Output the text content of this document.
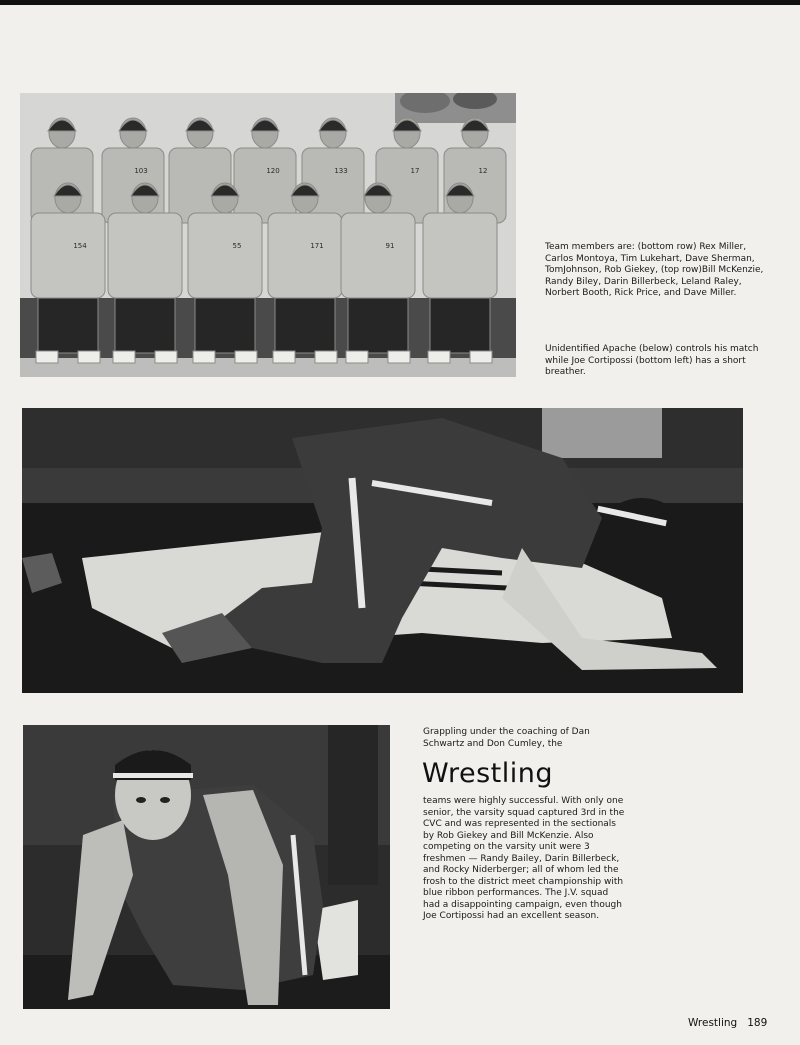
103	120	133	17	12
154	55	171	91	Team members are: (bottom row) Rex Miller, Carlos Montoya, Tim Lukehart, Dave Sherman, TomJohnson, Rob Giekey, (top row)Bill McKenzie, Randy Biley, Darin Billerbeck, Leland Raley, Norbert Booth, Rick Price, and Dave Miller.
Unidentified Apache (below) controls his match while Joe Cortipossi (bottom left) has a short breather.
Grappling under the coaching of Dan Schwartz and Don Cumley, the
Wrestling
teams were highly successful. With only one senior, the varsity squad captured 3rd in the CVC and was represented in the sectionals by Rob Giekey and Bill McKenzie. Also competing on the varsity unit were 3 freshmen — Randy Bailey, Darin Billerbeck, and Rocky Niderberger; all of whom led the frosh to the district meet championship with blue ribbon performances. The J.V. squad had a disappointing campaign, even though Joe Cortipossi had an excellent season.
Wrestling 189
